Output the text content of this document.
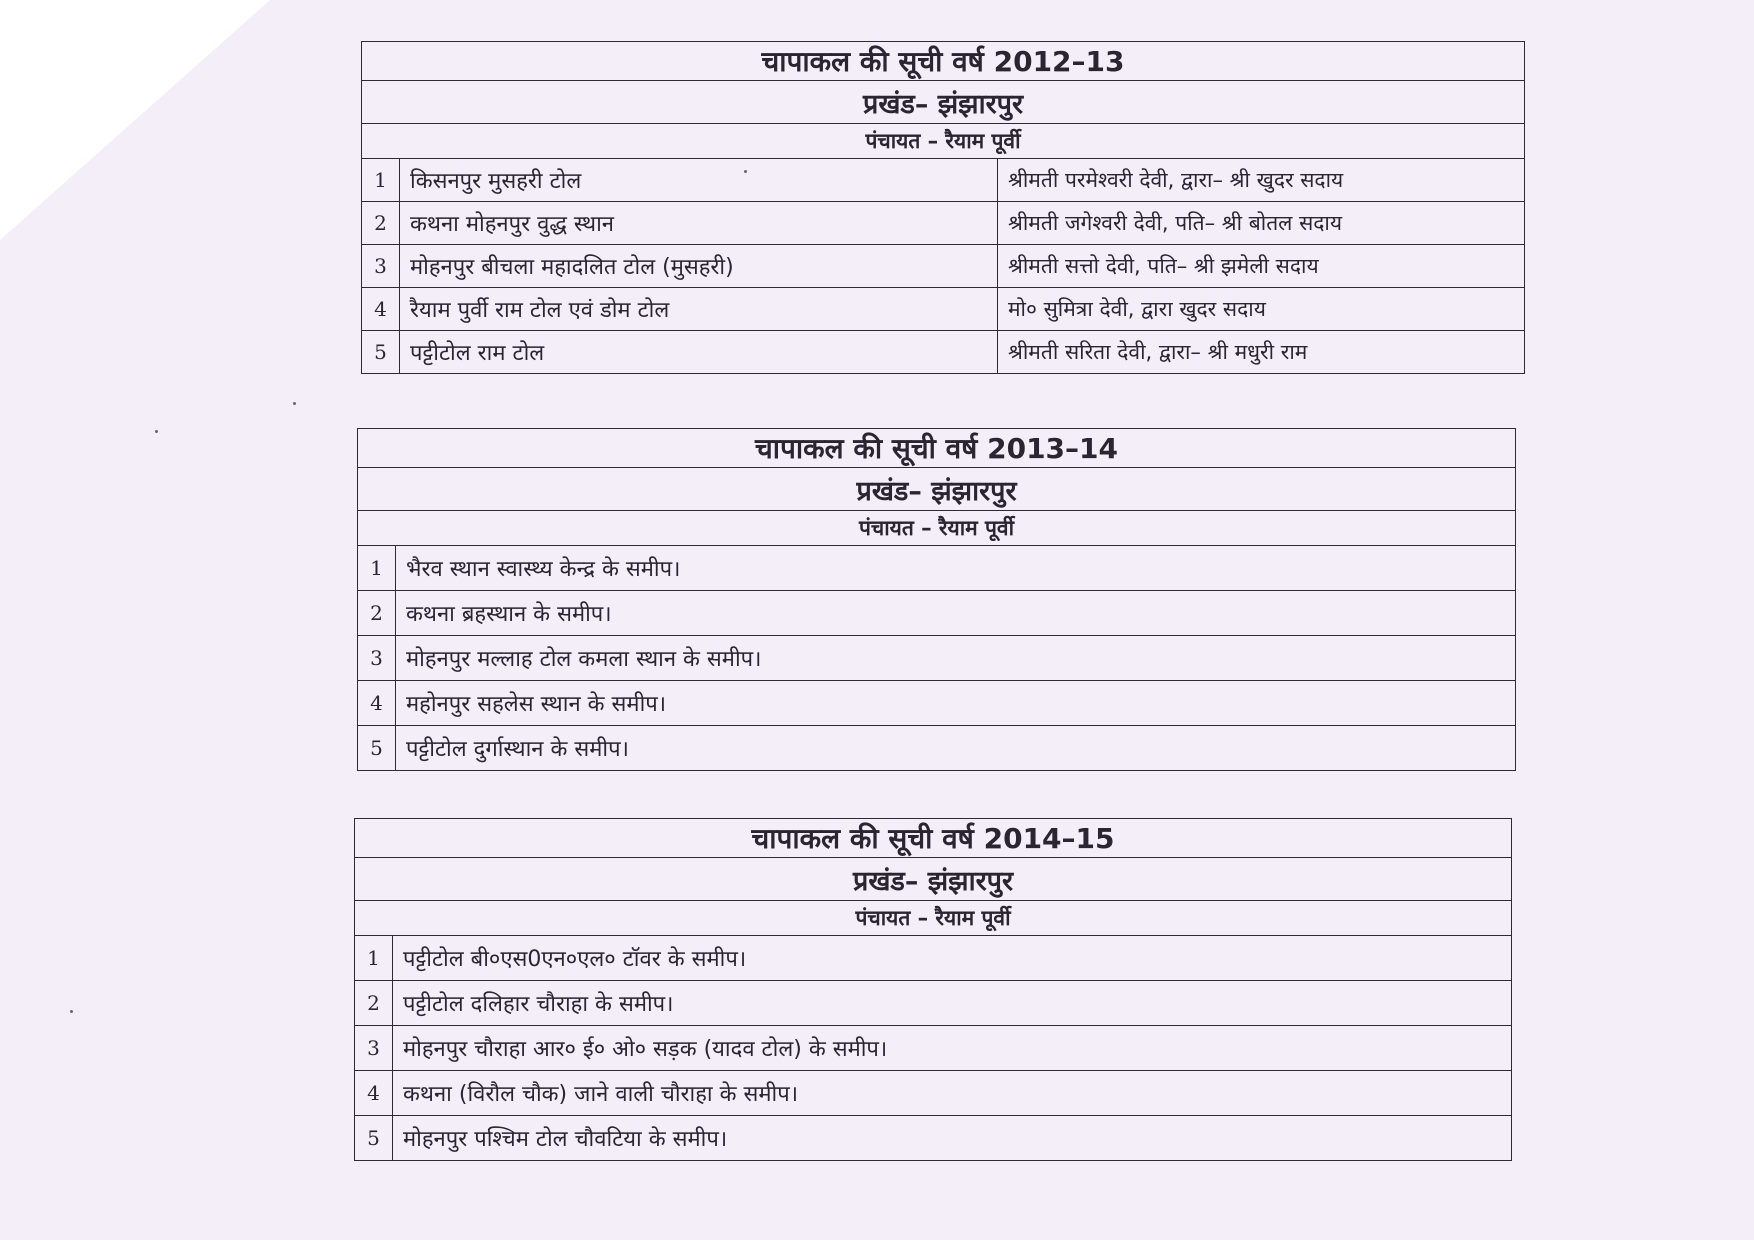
चापाकल की सूची वर्ष 2012–13		
प्रखंड– झंझारपुर		
पंचायत – रैयाम पूर्वी		
1	किसनपुर मुसहरी टोल	श्रीमती परमेश्वरी देवी, द्वारा– श्री खुदर सदाय
2	कथना मोहनपुर वुद्ध स्थान	श्रीमती जगेश्वरी देवी, पति– श्री बोतल सदाय
3	मोहनपुर बीचला महादलित टोल (मुसहरी)	श्रीमती सत्तो देवी, पति– श्री झमेली सदाय
4	रैयाम पुर्वी राम टोल एवं डोम टोल	मो० सुमित्रा देवी, द्वारा खुदर सदाय
5	पट्टीटोल राम टोल	श्रीमती सरिता देवी, द्वारा– श्री मधुरी राम
चापाकल की सूची वर्ष 2013–14	
प्रखंड– झंझारपुर	
पंचायत – रैयाम पूर्वी	
1	भैरव स्थान स्वास्थ्य केन्द्र के समीप।
2	कथना ब्रहस्थान के समीप।
3	मोहनपुर मल्लाह टोल कमला स्थान के समीप।
4	महोनपुर सहलेस स्थान के समीप।
5	पट्टीटोल दुर्गास्थान के समीप।
चापाकल की सूची वर्ष 2014–15	
प्रखंड– झंझारपुर	
पंचायत – रैयाम पूर्वी	
1	पट्टीटोल बी०एस0एन०एल० टॉवर के समीप।
2	पट्टीटोल दलिहार चौराहा के समीप।
3	मोहनपुर चौराहा आर० ई० ओ० सड़क (यादव टोल) के समीप।
4	कथना (विरौल चौक) जाने वाली चौराहा के समीप।
5	मोहनपुर पश्चिम टोल चौवटिया के समीप।
